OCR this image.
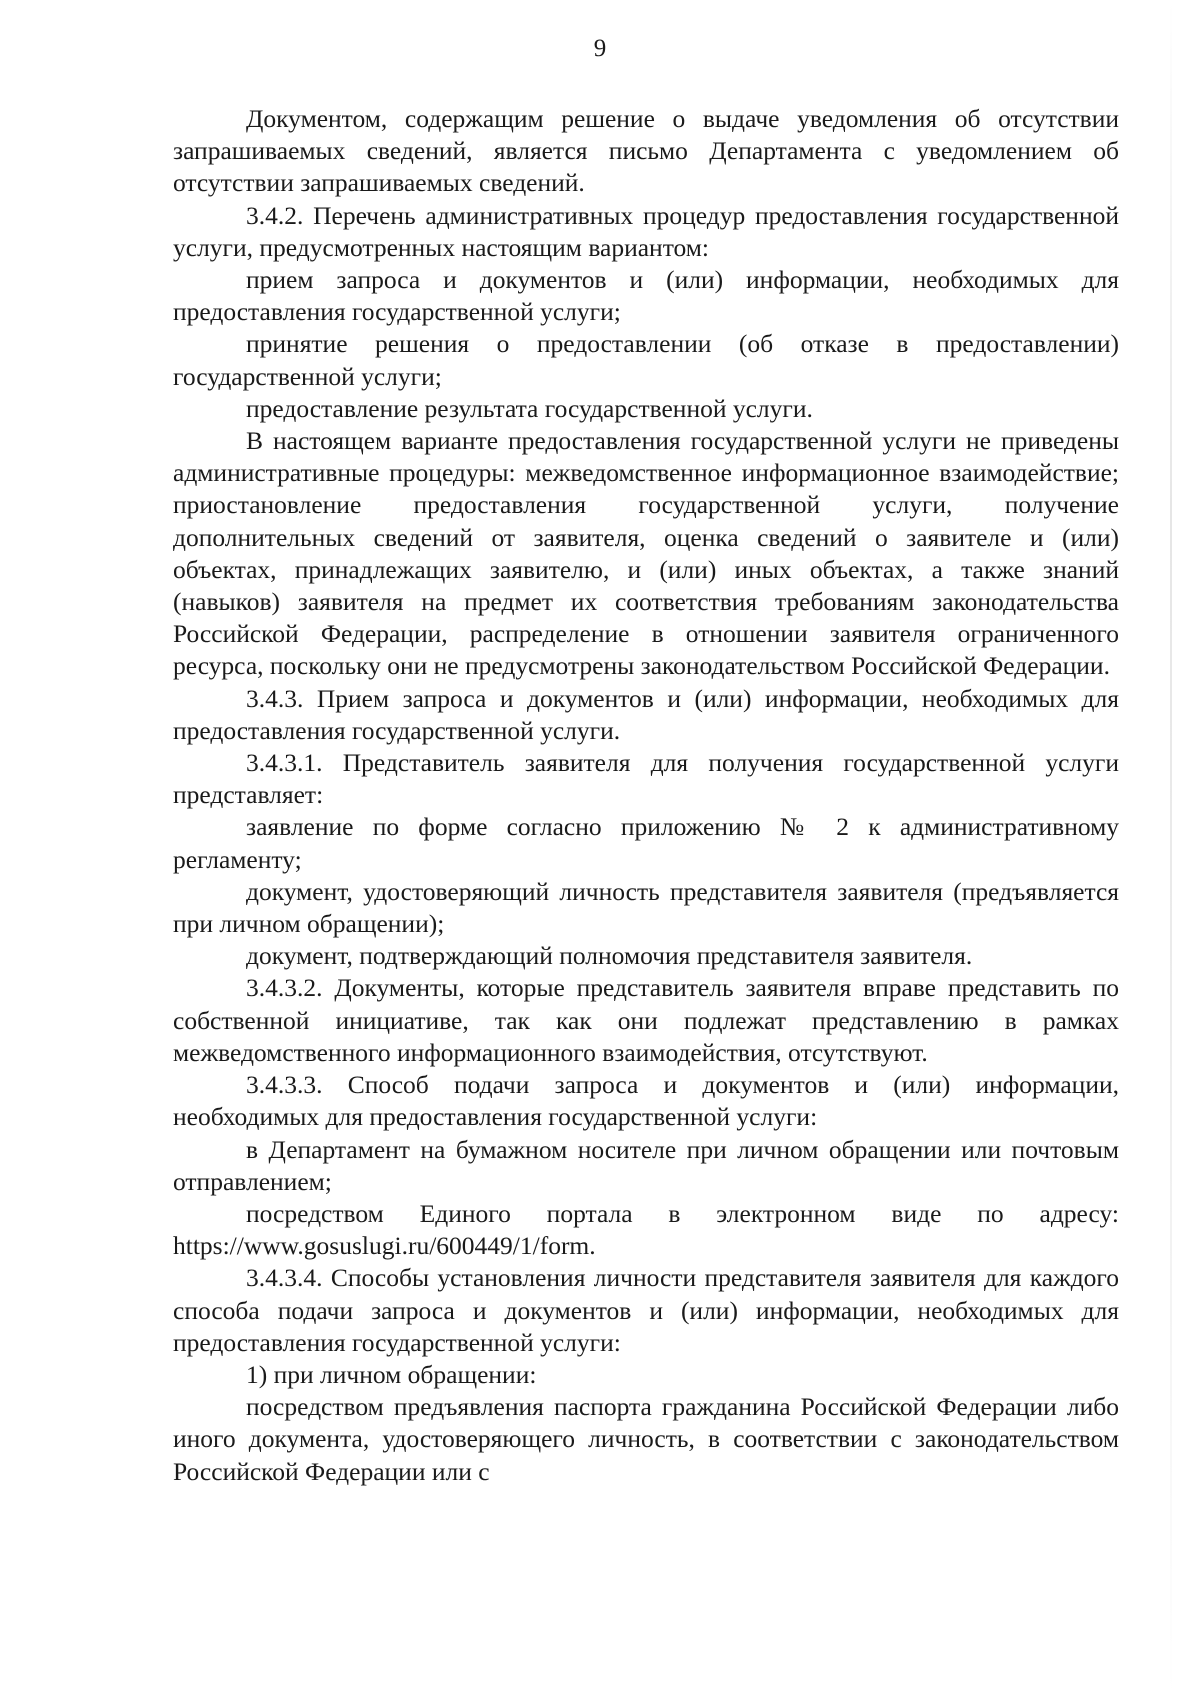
9

Документом, содержащим решение о выдаче уведомления об отсутствии запрашиваемых сведений, является письмо Департамента с уведомлением об отсутствии запрашиваемых сведений.

3.4.2. Перечень административных процедур предоставления государственной услуги, предусмотренных настоящим вариантом:

прием запроса и документов и (или) информации, необходимых для предоставления государственной услуги;

принятие решения о предоставлении (об отказе в предоставлении) государственной услуги;

предоставление результата государственной услуги.

В настоящем варианте предоставления государственной услуги не приведены административные процедуры: межведомственное информационное взаимодействие; приостановление предоставления государственной услуги, получение дополнительных сведений от заявителя, оценка сведений о заявителе и (или) объектах, принадлежащих заявителю, и (или) иных объектах, а также знаний (навыков) заявителя на предмет их соответствия требованиям законодательства Российской Федерации, распределение в отношении заявителя ограниченного ресурса, поскольку они не предусмотрены законодательством Российской Федерации.

3.4.3. Прием запроса и документов и (или) информации, необходимых для предоставления государственной услуги.

3.4.3.1. Представитель заявителя для получения государственной услуги представляет:

заявление по форме согласно приложению № 2 к административному регламенту;

документ, удостоверяющий личность представителя заявителя (предъявляется при личном обращении);

документ, подтверждающий полномочия представителя заявителя.

3.4.3.2. Документы, которые представитель заявителя вправе представить по собственной инициативе, так как они подлежат представлению в рамках межведомственного информационного взаимодействия, отсутствуют.

3.4.3.3. Способ подачи запроса и документов и (или) информации, необходимых для предоставления государственной услуги:

в Департамент на бумажном носителе при личном обращении или почтовым отправлением;

посредством Единого портала в электронном виде по адресу: https://www.gosuslugi.ru/600449/1/form.

3.4.3.4. Способы установления личности представителя заявителя для каждого способа подачи запроса и документов и (или) информации, необходимых для предоставления государственной услуги:

1) при личном обращении:

посредством предъявления паспорта гражданина Российской Федерации либо иного документа, удостоверяющего личность, в соответствии с законодательством Российской Федерации или с
